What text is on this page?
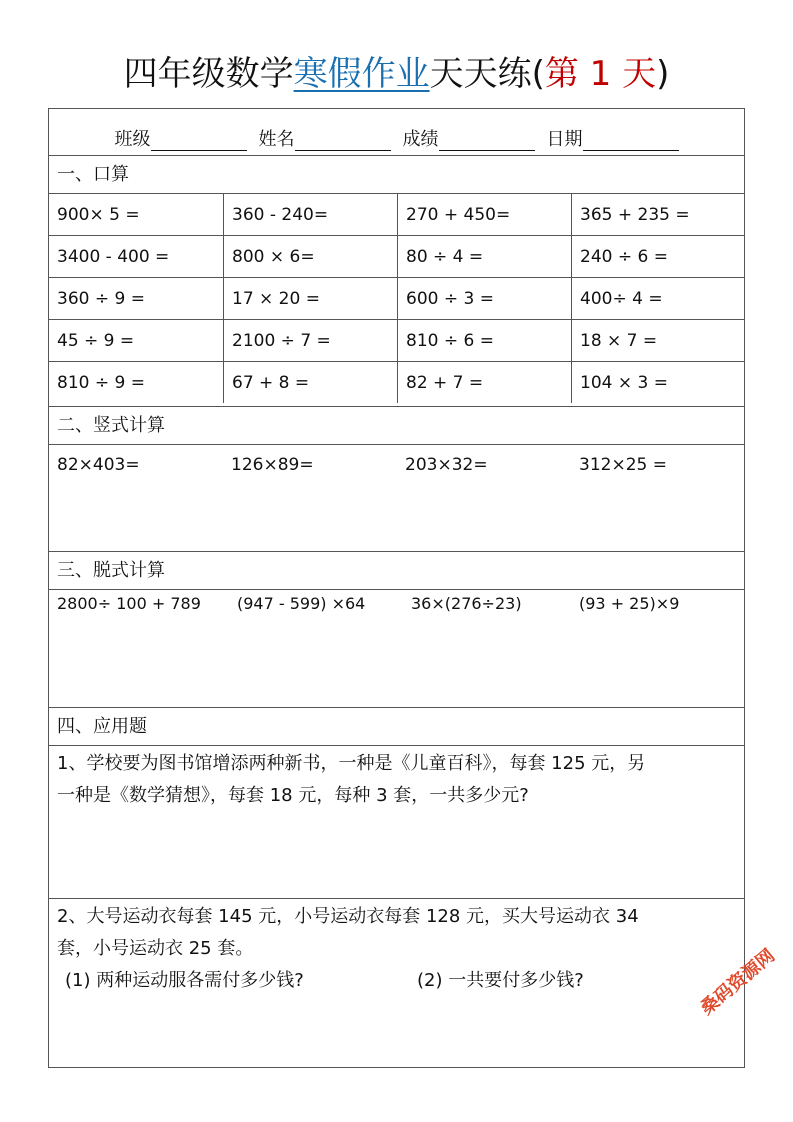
四年级数学寒假作业天天练(第 1 天)
班级	姓名	成绩	日期
一、口算
900× 5 =	360 - 240=	270 + 450=	365 + 235 =
3400 - 400 =	800 × 6=	80 ÷ 4 =	240 ÷ 6 =
360 ÷ 9 =	17 × 20 =	600 ÷ 3 =	400÷ 4 =
45 ÷ 9 =	2100 ÷ 7 =	810 ÷ 6 =	18 × 7 =
810 ÷ 9 =	67 + 8 =	82 + 7 =	104 × 3 =
二、竖式计算
82×403=	126×89=	203×32=	312×25 =
三、脱式计算
2800÷ 100 + 789	(947 - 599) ×64	36×(276÷23)	(93 + 25)×9
四、应用题
1、学校要为图书馆增添两种新书，一种是《儿童百科》，每套 125 元，另
一种是《数学猜想》，每套 18 元，每种 3 套，一共多少元?
2、大号运动衣每套 145 元，小号运动衣每套 128 元，买大号运动衣 34
套，小号运动衣 25 套。
(1) 两种运动服各需付多少钱?	(2) 一共要付多少钱?	桑码资源网
